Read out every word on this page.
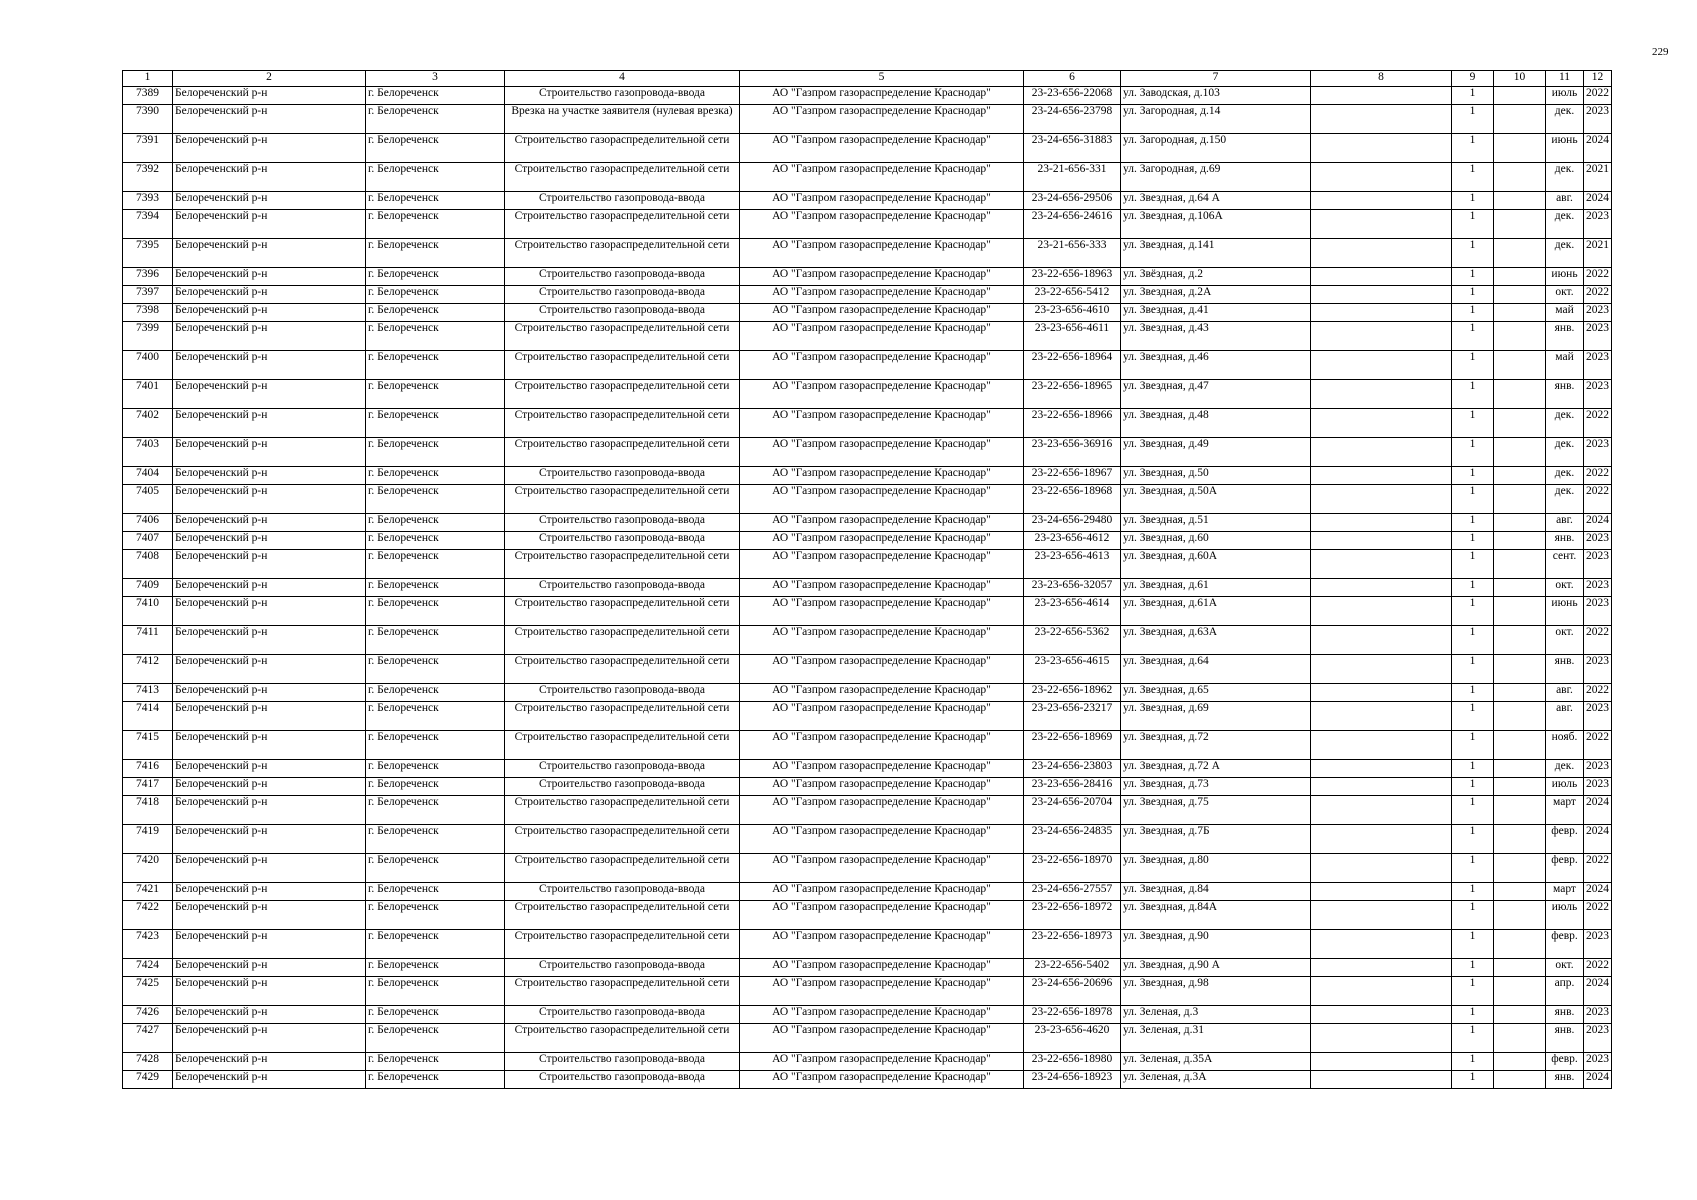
229
1	2	3	4	5	6	7	8	9	10	11	12
7389	Белореченский р-н	г. Белореченск	Строительство газопровода-ввода	АО "Газпром газораспределение Краснодар"	23-23-656-22068	ул. Заводская, д.103		1		июль	2022
7390	Белореченский р-н	г. Белореченск	Врезка на участке заявителя (нулевая врезка)	АО "Газпром газораспределение Краснодар"	23-24-656-23798	ул. Загородная, д.14		1		дек.	2023
7391	Белореченский р-н	г. Белореченск	Строительство газораспределительной сети	АО "Газпром газораспределение Краснодар"	23-24-656-31883	ул. Загородная, д.150		1		июнь	2024
7392	Белореченский р-н	г. Белореченск	Строительство газораспределительной сети	АО "Газпром газораспределение Краснодар"	23-21-656-331	ул. Загородная, д.69		1		дек.	2021
7393	Белореченский р-н	г. Белореченск	Строительство газопровода-ввода	АО "Газпром газораспределение Краснодар"	23-24-656-29506	ул. Звездная, д.64 А		1		авг.	2024
7394	Белореченский р-н	г. Белореченск	Строительство газораспределительной сети	АО "Газпром газораспределение Краснодар"	23-24-656-24616	ул. Звездная, д.106А		1		дек.	2023
7395	Белореченский р-н	г. Белореченск	Строительство газораспределительной сети	АО "Газпром газораспределение Краснодар"	23-21-656-333	ул. Звездная, д.141		1		дек.	2021
7396	Белореченский р-н	г. Белореченск	Строительство газопровода-ввода	АО "Газпром газораспределение Краснодар"	23-22-656-18963	ул. Звёздная, д.2		1		июнь	2022
7397	Белореченский р-н	г. Белореченск	Строительство газопровода-ввода	АО "Газпром газораспределение Краснодар"	23-22-656-5412	ул. Звездная, д.2А		1		окт.	2022
7398	Белореченский р-н	г. Белореченск	Строительство газопровода-ввода	АО "Газпром газораспределение Краснодар"	23-23-656-4610	ул. Звездная, д.41		1		май	2023
7399	Белореченский р-н	г. Белореченск	Строительство газораспределительной сети	АО "Газпром газораспределение Краснодар"	23-23-656-4611	ул. Звездная, д.43		1		янв.	2023
7400	Белореченский р-н	г. Белореченск	Строительство газораспределительной сети	АО "Газпром газораспределение Краснодар"	23-22-656-18964	ул. Звездная, д.46		1		май	2023
7401	Белореченский р-н	г. Белореченск	Строительство газораспределительной сети	АО "Газпром газораспределение Краснодар"	23-22-656-18965	ул. Звездная, д.47		1		янв.	2023
7402	Белореченский р-н	г. Белореченск	Строительство газораспределительной сети	АО "Газпром газораспределение Краснодар"	23-22-656-18966	ул. Звездная, д.48		1		дек.	2022
7403	Белореченский р-н	г. Белореченск	Строительство газораспределительной сети	АО "Газпром газораспределение Краснодар"	23-23-656-36916	ул. Звездная, д.49		1		дек.	2023
7404	Белореченский р-н	г. Белореченск	Строительство газопровода-ввода	АО "Газпром газораспределение Краснодар"	23-22-656-18967	ул. Звездная, д.50		1		дек.	2022
7405	Белореченский р-н	г. Белореченск	Строительство газораспределительной сети	АО "Газпром газораспределение Краснодар"	23-22-656-18968	ул. Звездная, д.50А		1		дек.	2022
7406	Белореченский р-н	г. Белореченск	Строительство газопровода-ввода	АО "Газпром газораспределение Краснодар"	23-24-656-29480	ул. Звездная, д.51		1		авг.	2024
7407	Белореченский р-н	г. Белореченск	Строительство газопровода-ввода	АО "Газпром газораспределение Краснодар"	23-23-656-4612	ул. Звездная, д.60		1		янв.	2023
7408	Белореченский р-н	г. Белореченск	Строительство газораспределительной сети	АО "Газпром газораспределение Краснодар"	23-23-656-4613	ул. Звездная, д.60А		1		сент.	2023
7409	Белореченский р-н	г. Белореченск	Строительство газопровода-ввода	АО "Газпром газораспределение Краснодар"	23-23-656-32057	ул. Звездная, д.61		1		окт.	2023
7410	Белореченский р-н	г. Белореченск	Строительство газораспределительной сети	АО "Газпром газораспределение Краснодар"	23-23-656-4614	ул. Звездная, д.61А		1		июнь	2023
7411	Белореченский р-н	г. Белореченск	Строительство газораспределительной сети	АО "Газпром газораспределение Краснодар"	23-22-656-5362	ул. Звездная, д.63А		1		окт.	2022
7412	Белореченский р-н	г. Белореченск	Строительство газораспределительной сети	АО "Газпром газораспределение Краснодар"	23-23-656-4615	ул. Звездная, д.64		1		янв.	2023
7413	Белореченский р-н	г. Белореченск	Строительство газопровода-ввода	АО "Газпром газораспределение Краснодар"	23-22-656-18962	ул. Звездная, д.65		1		авг.	2022
7414	Белореченский р-н	г. Белореченск	Строительство газораспределительной сети	АО "Газпром газораспределение Краснодар"	23-23-656-23217	ул. Звездная, д.69		1		авг.	2023
7415	Белореченский р-н	г. Белореченск	Строительство газораспределительной сети	АО "Газпром газораспределение Краснодар"	23-22-656-18969	ул. Звездная, д.72		1		нояб.	2022
7416	Белореченский р-н	г. Белореченск	Строительство газопровода-ввода	АО "Газпром газораспределение Краснодар"	23-24-656-23803	ул. Звездная, д.72 А		1		дек.	2023
7417	Белореченский р-н	г. Белореченск	Строительство газопровода-ввода	АО "Газпром газораспределение Краснодар"	23-23-656-28416	ул. Звездная, д.73		1		июль	2023
7418	Белореченский р-н	г. Белореченск	Строительство газораспределительной сети	АО "Газпром газораспределение Краснодар"	23-24-656-20704	ул. Звездная, д.75		1		март	2024
7419	Белореченский р-н	г. Белореченск	Строительство газораспределительной сети	АО "Газпром газораспределение Краснодар"	23-24-656-24835	ул. Звездная, д.7Б		1		февр.	2024
7420	Белореченский р-н	г. Белореченск	Строительство газораспределительной сети	АО "Газпром газораспределение Краснодар"	23-22-656-18970	ул. Звездная, д.80		1		февр.	2022
7421	Белореченский р-н	г. Белореченск	Строительство газопровода-ввода	АО "Газпром газораспределение Краснодар"	23-24-656-27557	ул. Звездная, д.84		1		март	2024
7422	Белореченский р-н	г. Белореченск	Строительство газораспределительной сети	АО "Газпром газораспределение Краснодар"	23-22-656-18972	ул. Звездная, д.84А		1		июль	2022
7423	Белореченский р-н	г. Белореченск	Строительство газораспределительной сети	АО "Газпром газораспределение Краснодар"	23-22-656-18973	ул. Звездная, д.90		1		февр.	2023
7424	Белореченский р-н	г. Белореченск	Строительство газопровода-ввода	АО "Газпром газораспределение Краснодар"	23-22-656-5402	ул. Звездная, д.90 А		1		окт.	2022
7425	Белореченский р-н	г. Белореченск	Строительство газораспределительной сети	АО "Газпром газораспределение Краснодар"	23-24-656-20696	ул. Звездная, д.98		1		апр.	2024
7426	Белореченский р-н	г. Белореченск	Строительство газопровода-ввода	АО "Газпром газораспределение Краснодар"	23-22-656-18978	ул. Зеленая, д.3		1		янв.	2023
7427	Белореченский р-н	г. Белореченск	Строительство газораспределительной сети	АО "Газпром газораспределение Краснодар"	23-23-656-4620	ул. Зеленая, д.31		1		янв.	2023
7428	Белореченский р-н	г. Белореченск	Строительство газопровода-ввода	АО "Газпром газораспределение Краснодар"	23-22-656-18980	ул. Зеленая, д.35А		1		февр.	2023
7429	Белореченский р-н	г. Белореченск	Строительство газопровода-ввода	АО "Газпром газораспределение Краснодар"	23-24-656-18923	ул. Зеленая, д.3А		1		янв.	2024
